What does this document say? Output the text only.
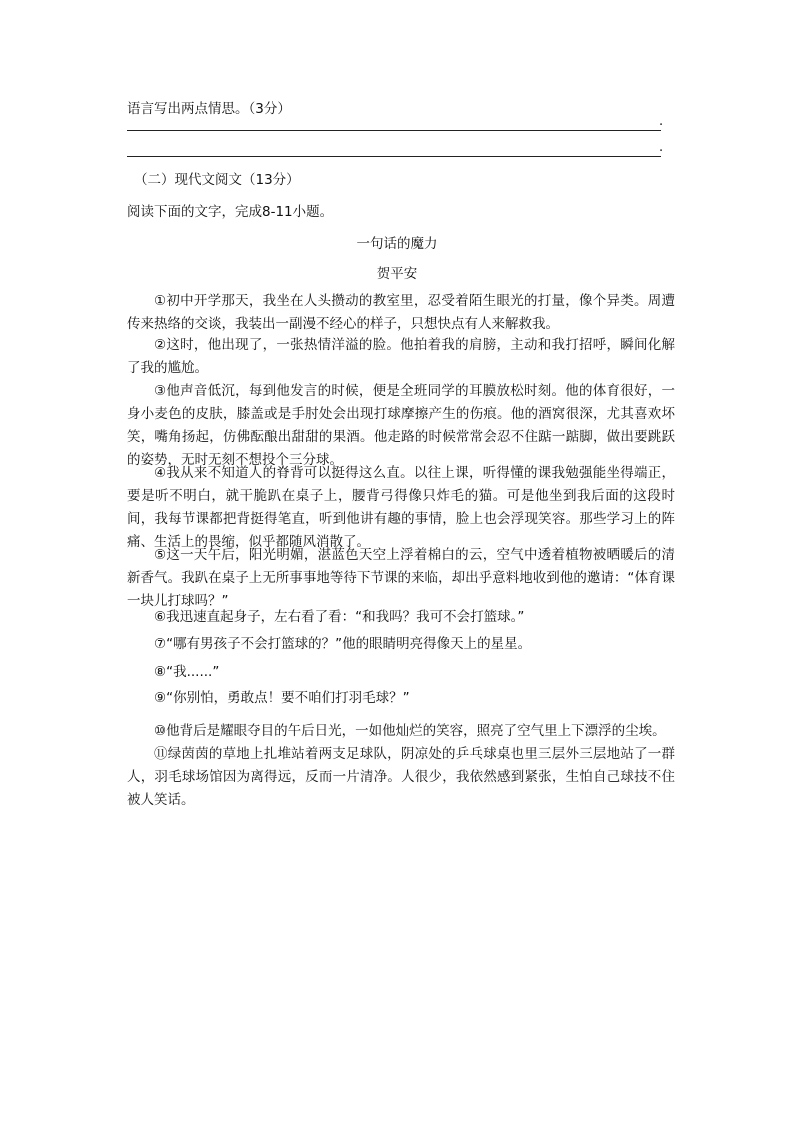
语言写出两点情思。（3分）
.
.
（二）现代文阅文（13分）
阅读下面的文字，完成8-11小题。
一句话的魔力
贺平安
①初中开学那天，我坐在人头攒动的教室里，忍受着陌生眼光的打量，像个异类。周遭传来热络的交谈，我装出一副漫不经心的样子，只想快点有人来解救我。
②这时，他出现了，一张热情洋溢的脸。他拍着我的肩膀，主动和我打招呼，瞬间化解了我的尴尬。
③他声音低沉，每到他发言的时候，便是全班同学的耳膜放松时刻。他的体育很好，一身小麦色的皮肤，膝盖或是手肘处会出现打球摩擦产生的伤痕。他的酒窝很深，尤其喜欢坏笑，嘴角扬起，仿佛酝酿出甜甜的果酒。他走路的时候常常会忍不住踮一踮脚，做出要跳跃的姿势，无时无刻不想投个三分球。
④我从来不知道人的脊背可以挺得这么直。以往上课，听得懂的课我勉强能坐得端正，要是听不明白，就干脆趴在桌子上，腰背弓得像只炸毛的猫。可是他坐到我后面的这段时间，我每节课都把背挺得笔直，听到他讲有趣的事情，脸上也会浮现笑容。那些学习上的阵痛、生活上的畏缩，似乎都随风消散了。
⑤这一天午后，阳光明媚，湛蓝色天空上浮着棉白的云，空气中透着植物被晒暖后的清新香气。我趴在桌子上无所事事地等待下节课的来临，却出乎意料地收到他的邀请：“体育课一块儿打球吗？”
⑥我迅速直起身子，左右看了看：“和我吗？我可不会打篮球。”
⑦“哪有男孩子不会打篮球的？”他的眼睛明亮得像天上的星星。
⑧“我......”
⑨“你别怕，勇敢点！要不咱们打羽毛球？”
⑩他背后是耀眼夺目的午后日光，一如他灿烂的笑容，照亮了空气里上下漂浮的尘埃。
⑪绿茵茵的草地上扎堆站着两支足球队，阴凉处的乒乓球桌也里三层外三层地站了一群人，羽毛球场馆因为离得远，反而一片清净。人很少，我依然感到紧张，生怕自己球技不住被人笑话。
